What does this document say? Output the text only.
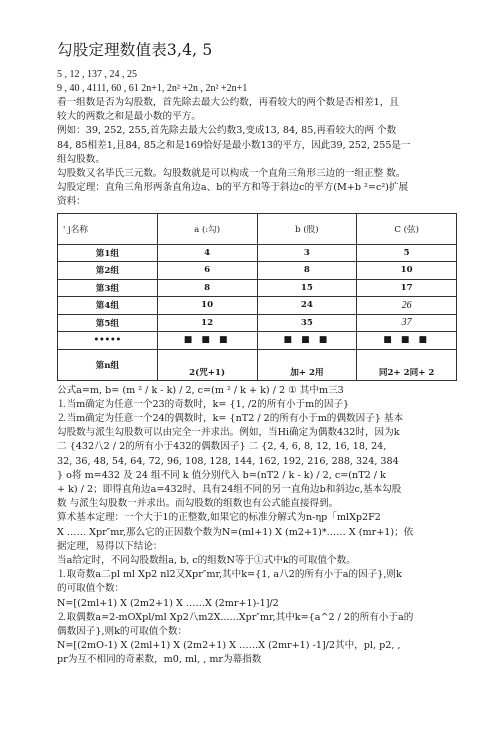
勾股定理数值表3,4, 5

5 , 12 , 137 , 24 , 25

9 , 40 , 4111, 60 , 61 2n+1, 2n² +2n , 2n² +2n+1

看一组数是否为勾股数，首先除去最大公约数，再看较大的两个数是否相差1，且

较大的两数之和是最小数的平方。

例如：39, 252, 255,首先除去最大公约数3,变成13, 84, 85,再看较大的两 个数

84, 85相差1,且84, 85之和是169恰好是最小数13的平方，因此39, 252, 255是一

组勾股数。

勾股数又名毕氏三元数。勾股数就是可以构成一个直角三角形三边的一组正整 数。

勾股定理：直角三角形两条直角边a、b的平方和等于斜边c的平方(M+b ²=c²)扩展

资料：

' j名称	a (:勾)	b (股)	C (弦)
第1组	4	3	5
第2组	6	8	10
第3组	8	15	17
第4组	10	24	26
第5组	12	35	37
•••••	■ ■ ■	■ ■ ■	■ ■ ■
第n组	2(咒+1)	加+ 2用	同2+ 2同+ 2

公式a=m, b= (m ² / k - k) / 2, c=(m ² / k + k) / 2 ① 其中m三3

⒈当m确定为任意一个23的奇数时，k= {1, /2的所有小于m的因子}

⒉当m确定为任意一个24的偶数时，k= {nT2 / 2的所有小于m的偶数因子} 基本

勾股数与派生勾股数可以由完全一并求出。例如，当Hi确定为偶数432时，因为k

二 {432八2 / 2的所有小于432的偶数因子} 二 {2, 4, 6, 8, 12, 16, 18, 24,

32, 36, 48, 54, 64, 72, 96, 108, 128, 144, 162, 192, 216, 288, 324, 384

} o将 m=432 及 24 组不同 k 值分别代入 b=(nT2 / k - k) / 2, c=(nT2 / k

+ k) / 2；即得直角边a=432时、具有24组不同的另一直角边b和斜边c,基本勾股

数 与派生勾股数一并求出。而勾股数的组数也有公式能直接得到。

算术基本定理：一个大于1的正整数,如果它的标准分解式为n-ηp「mlXp2F2

X …… Xpr″mr,那么它的正因数个数为N=(ml+1) X (m2+1)*…… X (mr+1)；依

据定理，易得以下结论：

当a给定时，不同勾股数组a, b, c的组数N等于①式中k的可取值个数。

⒈取奇数a二pl ml Xp2 nl2又Xpr″mr,其中k={1, a八2的所有小于a的因子},则k

的可取值个数：

N=[(2ml+1) X (2m2+1) X ……X (2mr+1)-1]/2

⒉取偶数a=2-mOXpl/ml Xp2八m2X......Xpr″mr,其中k={a^2 / 2的所有小于a的

偶数因子},则k的可取值个数：

N=[(2mO-1) X (2ml+1) X (2m2+1) X ……X (2mr+1) -1]/2其中，pl, p2, ,

pr为互不相同的奇素数，m0, ml, , mr为幕指数
